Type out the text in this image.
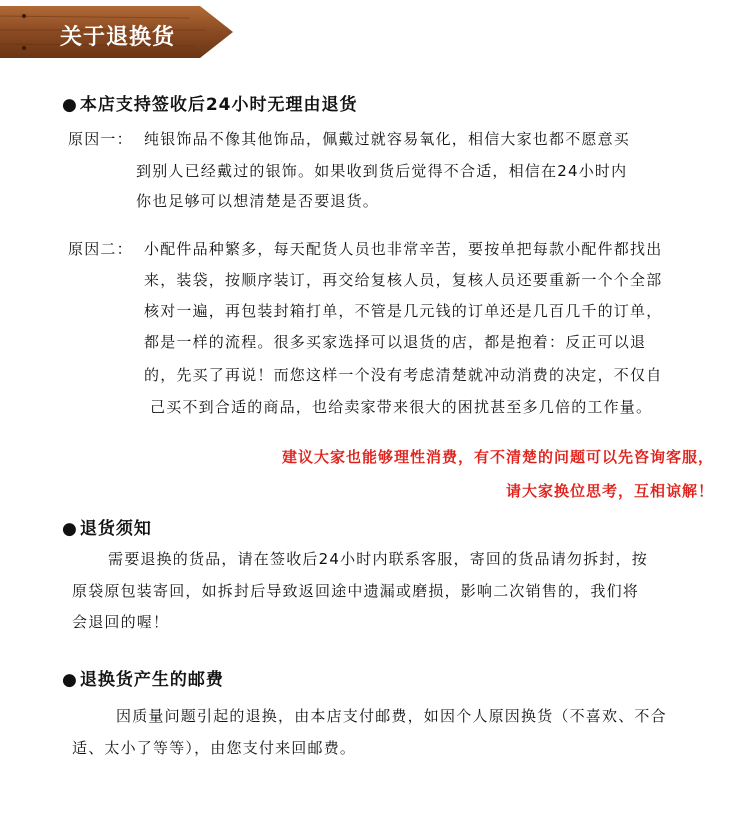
关于退换货
● 本店支持签收后24小时无理由退货
原因一： 纯银饰品不像其他饰品，佩戴过就容易氧化，相信大家也都不愿意买
到别人已经戴过的银饰。如果收到货后觉得不合适，相信在24小时内
你也足够可以想清楚是否要退货。
原因二： 小配件品种繁多，每天配货人员也非常辛苦，要按单把每款小配件都找出
来，装袋，按顺序装订，再交给复核人员，复核人员还要重新一个个全部
核对一遍，再包装封箱打单，不管是几元钱的订单还是几百几千的订单，
都是一样的流程。很多买家选择可以退货的店，都是抱着：反正可以退
的，先买了再说！而您这样一个没有考虑清楚就冲动消费的决定，不仅自
己买不到合适的商品，也给卖家带来很大的困扰甚至多几倍的工作量。
建议大家也能够理性消费，有不清楚的问题可以先咨询客服，
请大家换位思考，互相谅解！
● 退货须知
需要退换的货品，请在签收后24小时内联系客服，寄回的货品请勿拆封，按
原袋原包装寄回，如拆封后导致返回途中遗漏或磨损，影响二次销售的，我们将
会退回的喔！
● 退换货产生的邮费
因质量问题引起的退换，由本店支付邮费，如因个人原因换货（不喜欢、不合
适、太小了等等），由您支付来回邮费。
